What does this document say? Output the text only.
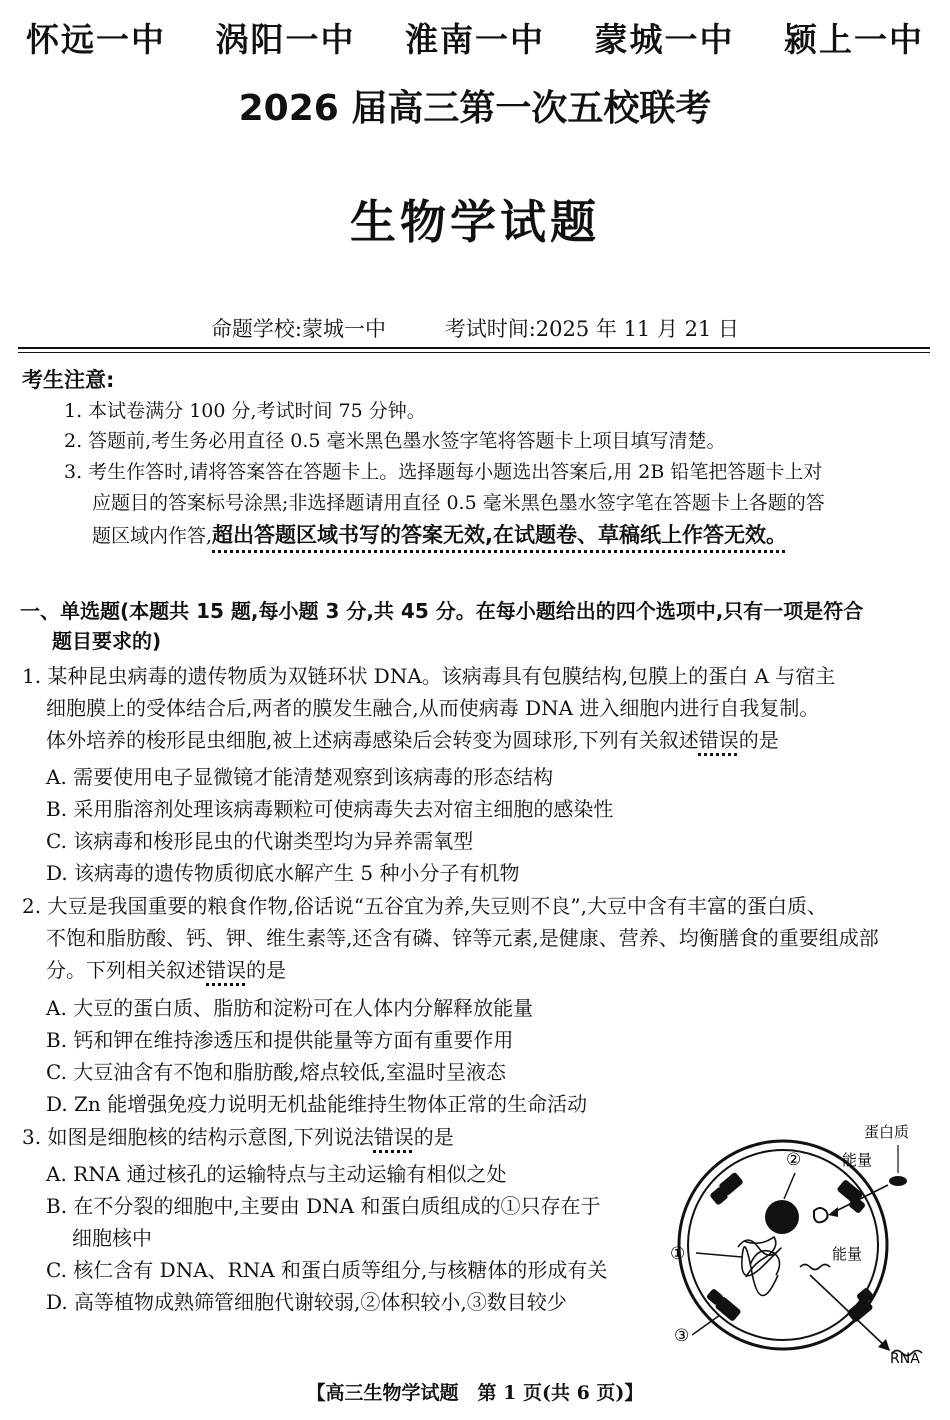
怀远一中 涡阳一中 淮南一中 蒙城一中 颍上一中
2026 届高三第一次五校联考
生物学试题
命题学校:蒙城一中	考试时间:2025 年 11 月 21 日
考生注意:
1. 本试卷满分 100 分,考试时间 75 分钟。
2. 答题前,考生务必用直径 0.5 毫米黑色墨水签字笔将答题卡上项目填写清楚。
3. 考生作答时,请将答案答在答题卡上。选择题每小题选出答案后,用 2B 铅笔把答题卡上对
应题目的答案标号涂黑;非选择题请用直径 0.5 毫米黑色墨水签字笔在答题卡上各题的答
题区域内作答,超出答题区域书写的答案无效,在试题卷、草稿纸上作答无效。
一、单选题(本题共 15 题,每小题 3 分,共 45 分。在每小题给出的四个选项中,只有一项是符合
题目要求的)
1. 某种昆虫病毒的遗传物质为双链环状 DNA。该病毒具有包膜结构,包膜上的蛋白 A 与宿主
细胞膜上的受体结合后,两者的膜发生融合,从而使病毒 DNA 进入细胞内进行自我复制。
体外培养的梭形昆虫细胞,被上述病毒感染后会转变为圆球形,下列有关叙述错误的是
A. 需要使用电子显微镜才能清楚观察到该病毒的形态结构
B. 采用脂溶剂处理该病毒颗粒可使病毒失去对宿主细胞的感染性
C. 该病毒和梭形昆虫的代谢类型均为异养需氧型
D. 该病毒的遗传物质彻底水解产生 5 种小分子有机物
2. 大豆是我国重要的粮食作物,俗话说“五谷宜为养,失豆则不良”,大豆中含有丰富的蛋白质、
不饱和脂肪酸、钙、钾、维生素等,还含有磷、锌等元素,是健康、营养、均衡膳食的重要组成部
分。下列相关叙述错误的是
A. 大豆的蛋白质、脂肪和淀粉可在人体内分解释放能量
B. 钙和钾在维持渗透压和提供能量等方面有重要作用
C. 大豆油含有不饱和脂肪酸,熔点较低,室温时呈液态
D. Zn 能增强免疫力说明无机盐能维持生物体正常的生命活动
3. 如图是细胞核的结构示意图,下列说法错误的是
A. RNA 通过核孔的运输特点与主动运输有相似之处
B. 在不分裂的细胞中,主要由 DNA 和蛋白质组成的①只存在于
细胞核中
C. 核仁含有 DNA、RNA 和蛋白质等组分,与核糖体的形成有关
D. 高等植物成熟筛管细胞代谢较弱,②体积较小,③数目较少
蛋白质
能量
能量
①
②
③
RNA
【高三生物学试题　第 1 页(共 6 页)】
